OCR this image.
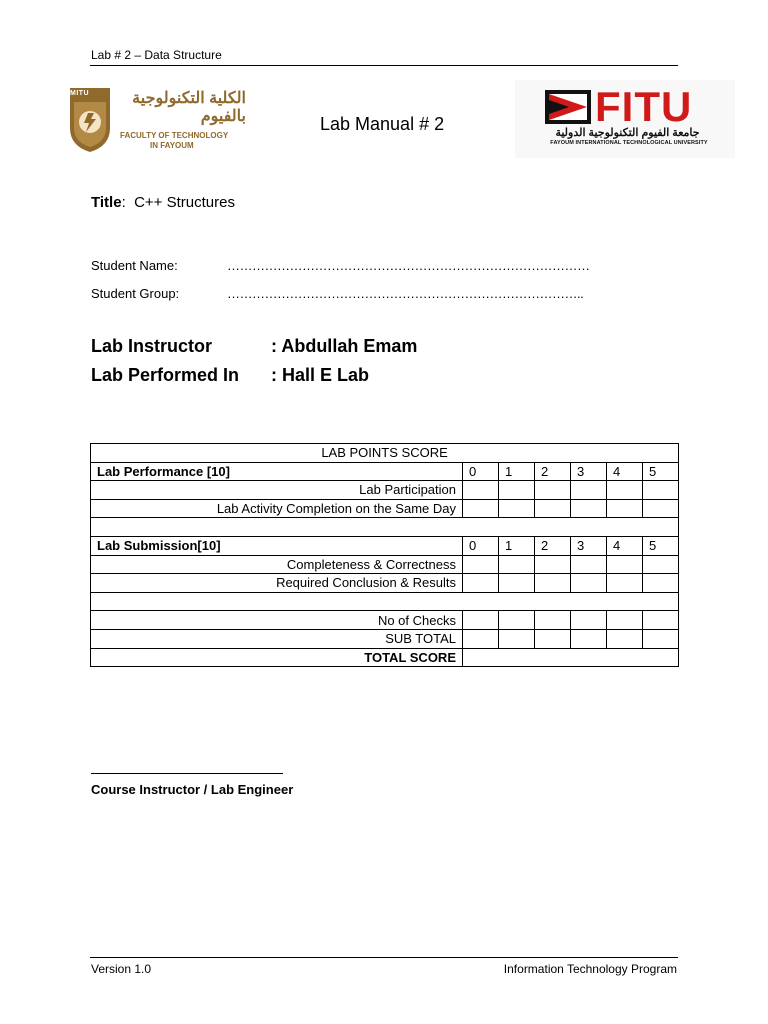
Lab # 2 – Data Structure
MITU	الكلية التكنولوجية بالفيوم
FACULTY OF TECHNOLOGY
IN FAYOUM
Lab Manual # 2	FITU
جامعة الفيوم التكنولوجية الدولية
FAYOUM INTERNATIONAL TECHNOLOGICAL UNIVERSITY
Title:  C++ Structures
Student Name:	……………………………………………………………………………
Student Group:	…………………………………………………………………………..
Lab Instructor	: Abdullah Emam
Lab Performed In : Hall E Lab
LAB POINTS SCORE						
Lab Performance [10]	0	1	2	3	4	5
Lab Participation						
Lab Activity Completion on the Same Day						

Lab Submission[10]	0	1	2	3	4	5
Completeness & Correctness						
Required Conclusion & Results						

No of Checks						
SUB TOTAL						
TOTAL SCORE						
Course Instructor / Lab Engineer
Version 1.0	Information Technology Program
